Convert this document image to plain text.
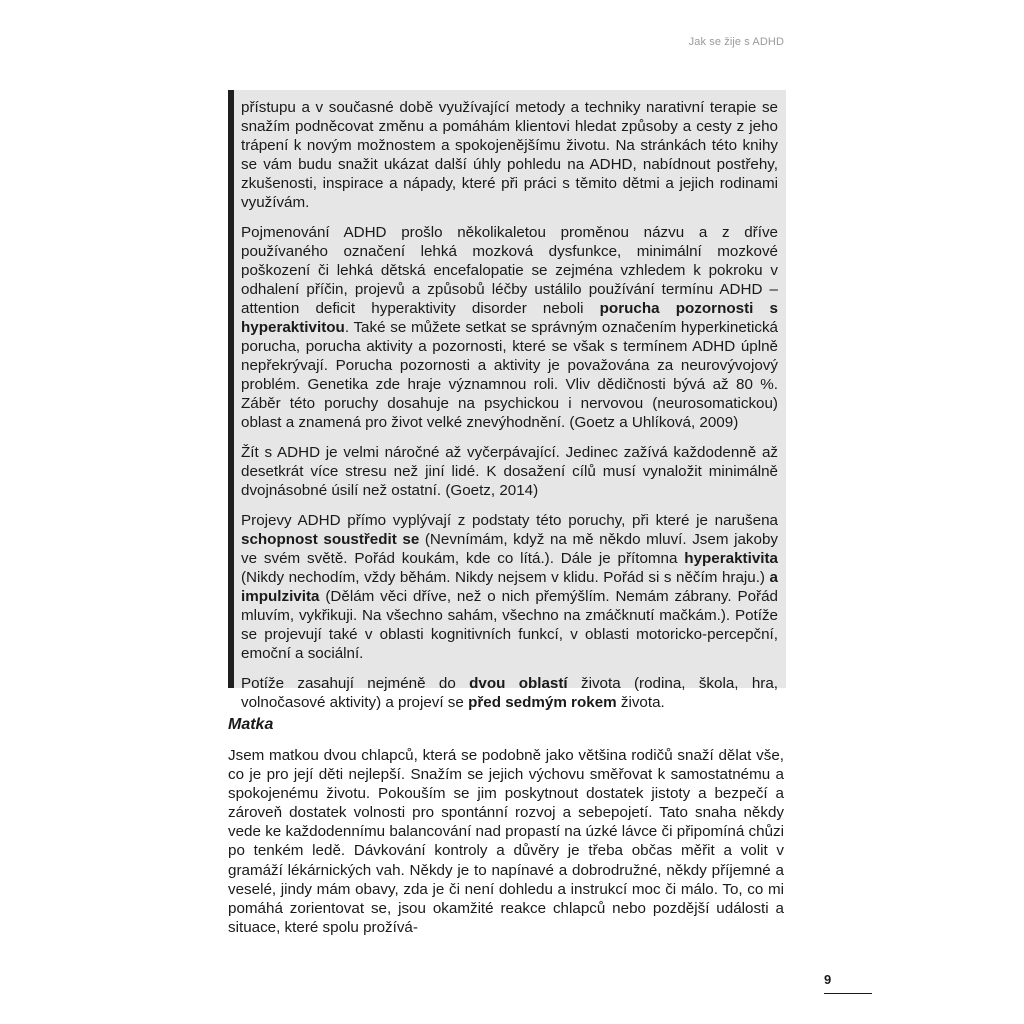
Jak se žije s ADHD

přístupu a v současné době využívající metody a techniky narativní terapie se snažím podněcovat změnu a pomáhám klientovi hledat způsoby a cesty z jeho trápení k novým možnostem a spokojenějšímu životu. Na stránkách této knihy se vám budu snažit ukázat další úhly pohledu na ADHD, nabídnout postřehy, zkušenosti, inspirace a nápady, které při práci s těmito dětmi a jejich rodinami využívám.

Pojmenování ADHD prošlo několikaletou proměnou názvu a z dříve používaného označení lehká mozková dysfunkce, minimální mozkové poškození či lehká dětská encefalopatie se zejména vzhledem k pokroku v odhalení příčin, projevů a způsobů léčby ustálilo používání termínu ADHD – attention deficit hyperaktivity disorder neboli porucha pozornosti s hyperaktivitou. Také se můžete setkat se správným označením hyperkinetická porucha, porucha aktivity a pozornosti, které se však s termínem ADHD úplně nepřekrývají. Porucha pozornosti a aktivity je považována za neurovývojový problém. Genetika zde hraje významnou roli. Vliv dědičnosti bývá až 80 %. Záběr této poruchy dosahuje na psychickou i nervovou (neurosomatickou) oblast a znamená pro život velké znevýhodnění. (Goetz a Uhlíková, 2009)

Žít s ADHD je velmi náročné až vyčerpávající. Jedinec zažívá každodenně až desetkrát více stresu než jiní lidé. K dosažení cílů musí vynaložit minimálně dvojnásobné úsilí než ostatní. (Goetz, 2014)

Projevy ADHD přímo vyplývají z podstaty této poruchy, při které je narušena schopnost soustředit se (Nevnímám, když na mě někdo mluví. Jsem jakoby ve svém světě. Pořád koukám, kde co lítá.). Dále je přítomna hyperaktivita (Nikdy nechodím, vždy běhám. Nikdy nejsem v klidu. Pořád si s něčím hraju.) a impulzivita (Dělám věci dříve, než o nich přemýšlím. Nemám zábrany. Pořád mluvím, vykřikuji. Na všechno sahám, všechno na zmáčknutí mačkám.). Potíže se projevují také v oblasti kognitivních funkcí, v oblasti motoricko-percepční, emoční a sociální.

Potíže zasahují nejméně do dvou oblastí života (rodina, škola, hra, volnočasové aktivity) a projeví se před sedmým rokem života.

Matka

Jsem matkou dvou chlapců, která se podobně jako většina rodičů snaží dělat vše, co je pro její děti nejlepší. Snažím se jejich výchovu směřovat k samostatnému a spokojenému životu. Pokouším se jim poskytnout dostatek jistoty a bezpečí a zároveň dostatek volnosti pro spontánní rozvoj a sebepojetí. Tato snaha někdy vede ke každodennímu balancování nad propastí na úzké lávce či připomíná chůzi po tenkém ledě. Dávkování kontroly a důvěry je třeba občas měřit a volit v gramáží lékárnických vah. Někdy je to napínavé a dobrodružné, někdy příjemné a veselé, jindy mám obavy, zda je či není dohledu a instrukcí moc či málo. To, co mi pomáhá zorientovat se, jsou okamžité reakce chlapců nebo pozdější události a situace, které spolu prožívá-

9
